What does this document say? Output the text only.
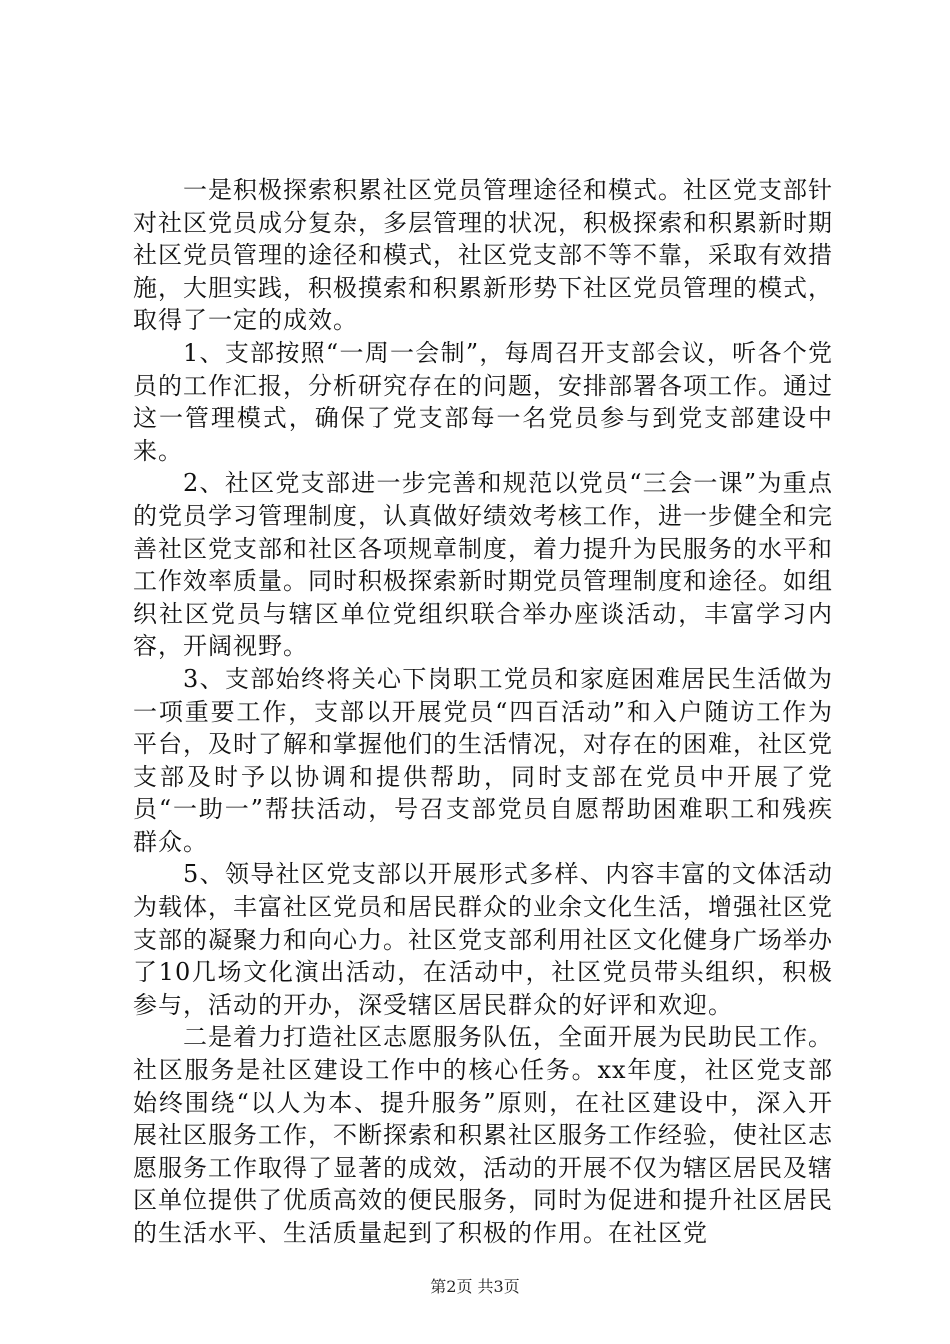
一是积极探索积累社区党员管理途径和模式。社区党支部针对社区党员成分复杂，多层管理的状况，积极探索和积累新时期社区党员管理的途径和模式，社区党支部不等不靠，采取有效措施，大胆实践，积极摸索和积累新形势下社区党员管理的模式，取得了一定的成效。

1、支部按照“一周一会制”，每周召开支部会议，听各个党员的工作汇报，分析研究存在的问题，安排部署各项工作。通过这一管理模式，确保了党支部每一名党员参与到党支部建设中来。

2、社区党支部进一步完善和规范以党员“三会一课”为重点的党员学习管理制度，认真做好绩效考核工作，进一步健全和完善社区党支部和社区各项规章制度，着力提升为民服务的水平和工作效率质量。同时积极探索新时期党员管理制度和途径。如组织社区党员与辖区单位党组织联合举办座谈活动，丰富学习内容，开阔视野。

3、支部始终将关心下岗职工党员和家庭困难居民生活做为一项重要工作，支部以开展党员“四百活动”和入户随访工作为平台，及时了解和掌握他们的生活情况，对存在的困难，社区党支部及时予以协调和提供帮助，同时支部在党员中开展了党员“一助一”帮扶活动，号召支部党员自愿帮助困难职工和残疾群众。

5、领导社区党支部以开展形式多样、内容丰富的文体活动为载体，丰富社区党员和居民群众的业余文化生活，增强社区党支部的凝聚力和向心力。社区党支部利用社区文化健身广场举办了10几场文化演出活动，在活动中，社区党员带头组织，积极参与，活动的开办，深受辖区居民群众的好评和欢迎。

二是着力打造社区志愿服务队伍，全面开展为民助民工作。社区服务是社区建设工作中的核心任务。xx年度，社区党支部始终围绕“以人为本、提升服务”原则，在社区建设中，深入开展社区服务工作，不断探索和积累社区服务工作经验，使社区志愿服务工作取得了显著的成效，活动的开展不仅为辖区居民及辖区单位提供了优质高效的便民服务，同时为促进和提升社区居民的生活水平、生活质量起到了积极的作用。在社区党

第2页 共3页
